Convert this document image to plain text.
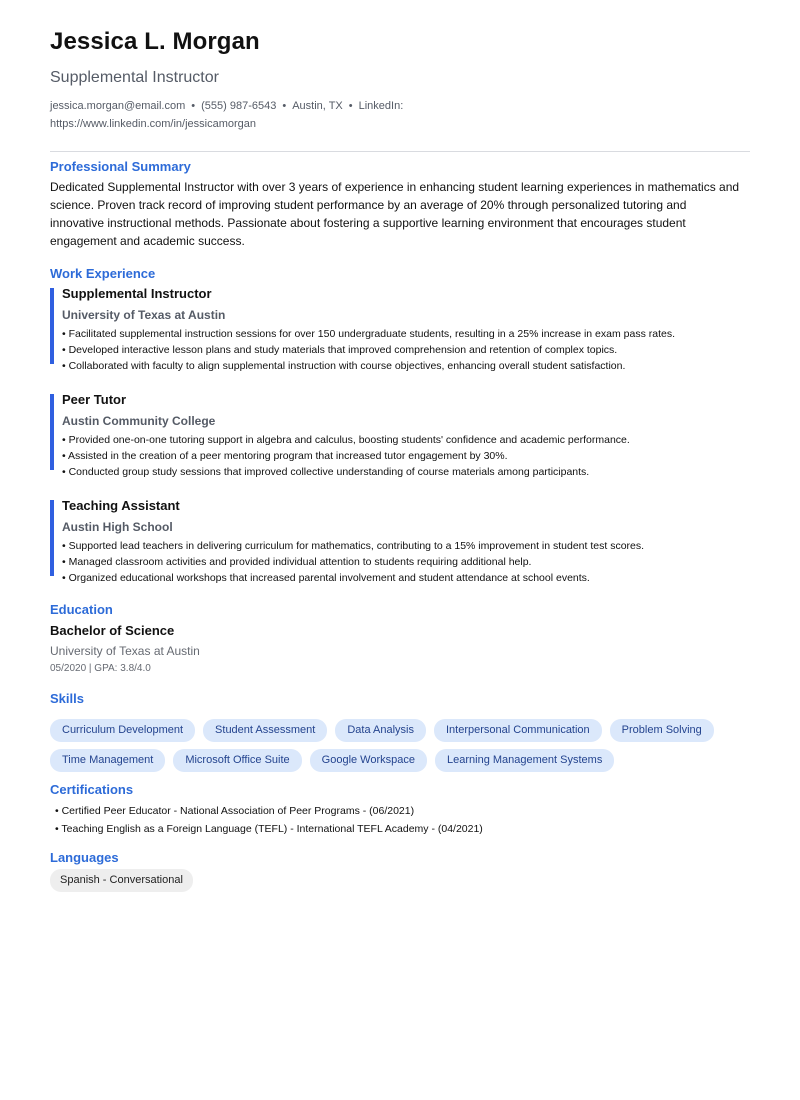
Jessica L. Morgan
Supplemental Instructor
jessica.morgan@email.com • (555) 987-6543 • Austin, TX • LinkedIn:
https://www.linkedin.com/in/jessicamorgan
Professional Summary
Dedicated Supplemental Instructor with over 3 years of experience in enhancing student learning experiences in mathematics and science. Proven track record of improving student performance by an average of 20% through personalized tutoring and innovative instructional methods. Passionate about fostering a supportive learning environment that encourages student engagement and academic success.
Work Experience
Supplemental Instructor
University of Texas at Austin
• Facilitated supplemental instruction sessions for over 150 undergraduate students, resulting in a 25% increase in exam pass rates.
• Developed interactive lesson plans and study materials that improved comprehension and retention of complex topics.
• Collaborated with faculty to align supplemental instruction with course objectives, enhancing overall student satisfaction.
Peer Tutor
Austin Community College
• Provided one-on-one tutoring support in algebra and calculus, boosting students' confidence and academic performance.
• Assisted in the creation of a peer mentoring program that increased tutor engagement by 30%.
• Conducted group study sessions that improved collective understanding of course materials among participants.
Teaching Assistant
Austin High School
• Supported lead teachers in delivering curriculum for mathematics, contributing to a 15% improvement in student test scores.
• Managed classroom activities and provided individual attention to students requiring additional help.
• Organized educational workshops that increased parental involvement and student attendance at school events.
Education
Bachelor of Science
University of Texas at Austin
05/2020 | GPA: 3.8/4.0
Skills
Curriculum Development	Student Assessment	Data Analysis	Interpersonal Communication	Problem Solving
Time Management	Microsoft Office Suite	Google Workspace	Learning Management Systems
Certifications
• Certified Peer Educator - National Association of Peer Programs - (06/2021)
• Teaching English as a Foreign Language (TEFL) - International TEFL Academy - (04/2021)
Languages
Spanish - Conversational
